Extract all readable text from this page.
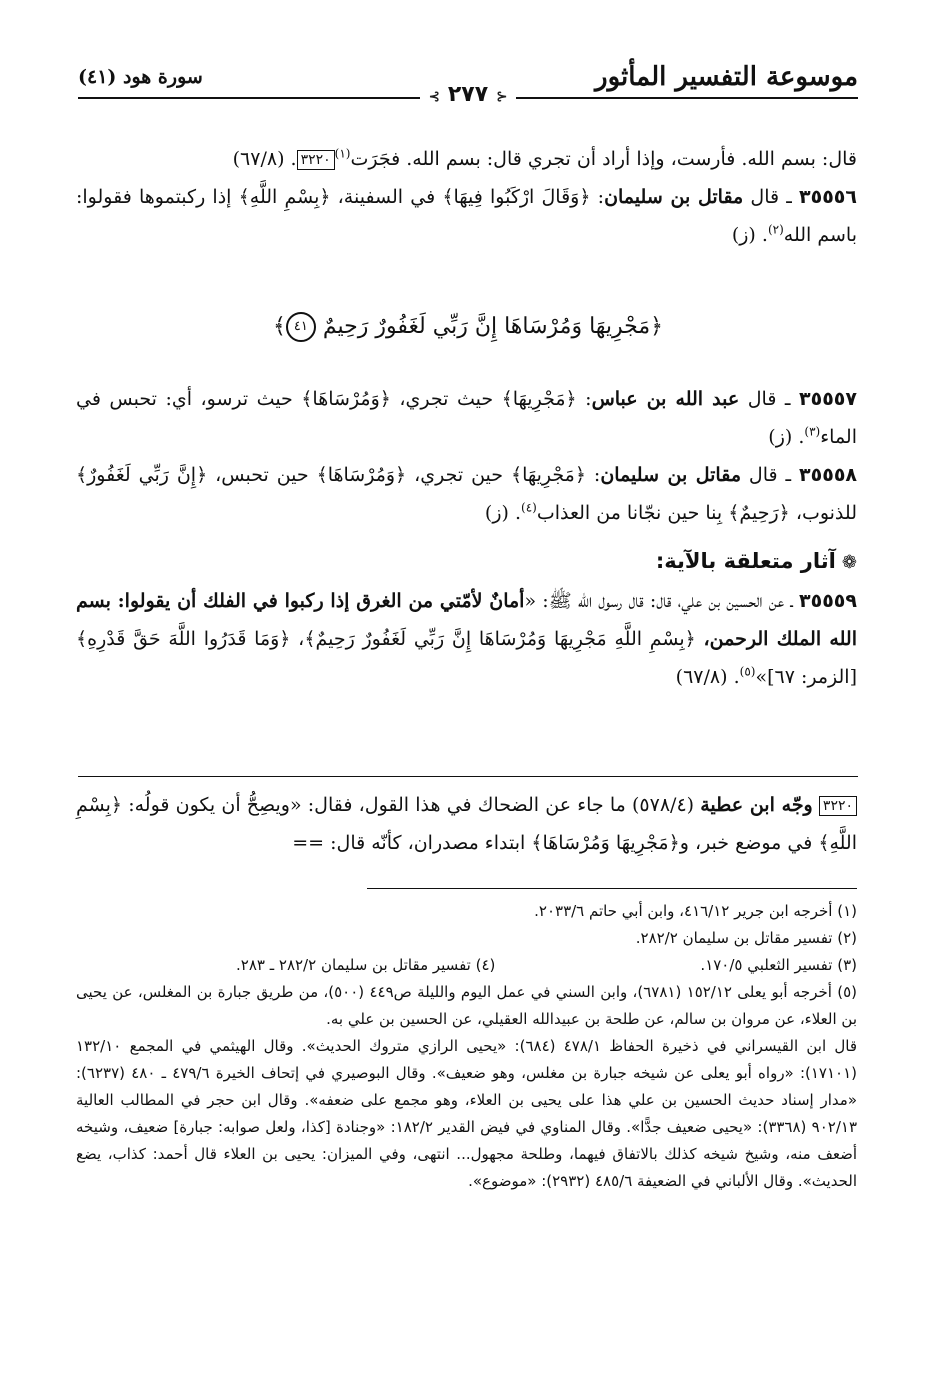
موسوعة التفسير المأثور
⊰ ٢٧٧ ⊱
سورة هود (٤١)

قال: بسم الله. فأرست، وإذا أراد أن تجري قال: بسم الله. فجَرَت$^{(١)}$٣٢٢٠. (٦٧/٨)

٣٥٥٥٦ ـ قال مقاتل بن سليمان: ﴿وَقَالَ ارْكَبُوا فِيهَا﴾ في السفينة، ﴿بِسْمِ اللَّهِ﴾ إذا ركبتموها فقولوا: باسم الله$^{(٢)}$. (ز)

﴿مَجْرِيهَا وَمُرْسَاهَا إِنَّ رَبِّي لَغَفُورٌ رَحِيمٌ ٤١﴾

٣٥٥٥٧ ـ قال عبد الله بن عباس: ﴿مَجْرِيهَا﴾ حيث تجري، ﴿وَمُرْسَاهَا﴾ حيث ترسو، أي: تحبس في الماء$^{(٣)}$. (ز)

٣٥٥٥٨ ـ قال مقاتل بن سليمان: ﴿مَجْرِيهَا﴾ حين تجري، ﴿وَمُرْسَاهَا﴾ حين تحبس، ﴿إِنَّ رَبِّي لَغَفُورٌ﴾ للذنوب، ﴿رَحِيمٌ﴾ بِنا حين نجّانا من العذاب$^{(٤)}$. (ز)

❁ آثار متعلقة بالآية:

٣٥٥٥٩ ـ عن الحسين بن علي، قال: قال رسول الله ﷺ: «أمانٌ لأمّتي من الغرق إذا ركبوا في الفلك أن يقولوا: بسم الله الملك الرحمن، ﴿بِسْمِ اللَّهِ مَجْرِيهَا وَمُرْسَاهَا إِنَّ رَبِّي لَغَفُورٌ رَحِيمٌ﴾، ﴿وَمَا قَدَرُوا اللَّهَ حَقَّ قَدْرِهِ﴾ [الزمر: ٦٧]»$^{(٥)}$. (٦٧/٨)

٣٢٢٠ وجّه ابن عطية (٥٧٨/٤) ما جاء عن الضحاك في هذا القول، فقال: «ويصِحُّ أن يكون قولُه: ﴿بِسْمِ اللَّهِ﴾ في موضع خبر، و﴿مَجْرِيهَا وَمُرْسَاهَا﴾ ابتداء مصدران، كأنّه قال: ==

(١) أخرجه ابن جرير ٤١٦/١٢، وابن أبي حاتم ٢٠٣٣/٦.

(٢) تفسير مقاتل بن سليمان ٢٨٢/٢.

(٣) تفسير الثعلبي ١٧٠/٥.
(٤) تفسير مقاتل بن سليمان ٢٨٢/٢ ـ ٢٨٣.

(٥) أخرجه أبو يعلى ١٥٢/١٢ (٦٧٨١)، وابن السني في عمل اليوم والليلة ص٤٤٩ (٥٠٠)، من طريق جبارة بن المغلس، عن يحيى بن العلاء، عن مروان بن سالم، عن طلحة بن عبيدالله العقيلي، عن الحسين بن علي به.

قال ابن القيسراني في ذخيرة الحفاظ ٤٧٨/١ (٦٨٤): «يحيى الرازي متروك الحديث». وقال الهيثمي في المجمع ١٣٢/١٠ (١٧١٠١): «رواه أبو يعلى عن شيخه جبارة بن مغلس، وهو ضعيف». وقال البوصيري في إتحاف الخيرة ٤٧٩/٦ ـ ٤٨٠ (٦٢٣٧): «مدار إسناد حديث الحسين بن علي هذا على يحيى بن العلاء، وهو مجمع على ضعفه». وقال ابن حجر في المطالب العالية ٩٠٢/١٣ (٣٣٦٨): «يحيى ضعيف جدًّا». وقال المناوي في فيض القدير ١٨٢/٢: «وجنادة [كذا، ولعل صوابه: جبارة] ضعيف، وشيخه أضعف منه، وشيخ شيخه كذلك بالاتفاق فيهما، وطلحة مجهول... انتهى، وفي الميزان: يحيى بن العلاء قال أحمد: كذاب، يضع الحديث». وقال الألباني في الضعيفة ٤٨٥/٦ (٢٩٣٢): «موضوع».
